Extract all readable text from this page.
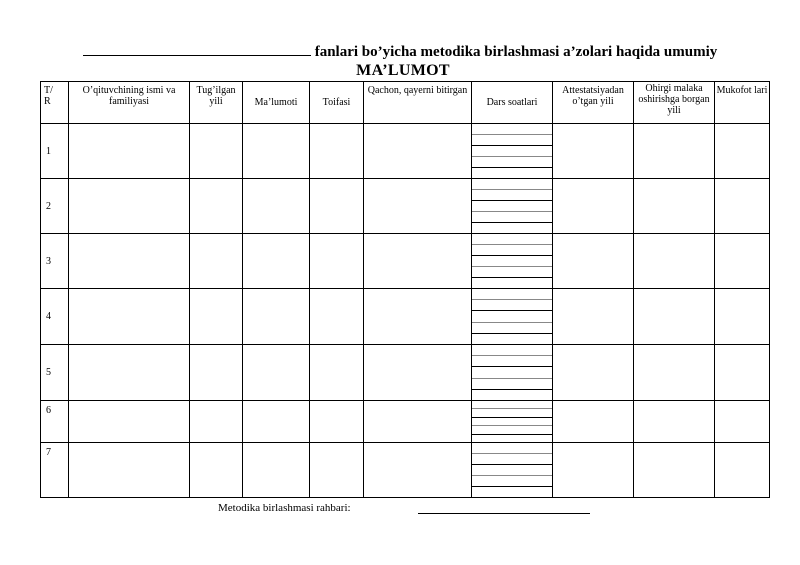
fanlari bo’yicha metodika birlashmasi a’zolari haqida umumiy
MA’LUMOT
T/
R	O’qituvchining ismi va familiyasi	Tug’ilgan yili	Ma’lumoti	Toifasi	Qachon, qayerni bitirgan	Dars soatlari	Attestatsiyadan o’tgan yili	Ohirgi malaka oshirishga borgan yili	Mukofot lari
1						

2						

3						

4						

5						

6						

7						

Metodika birlashmasi rahbari:
